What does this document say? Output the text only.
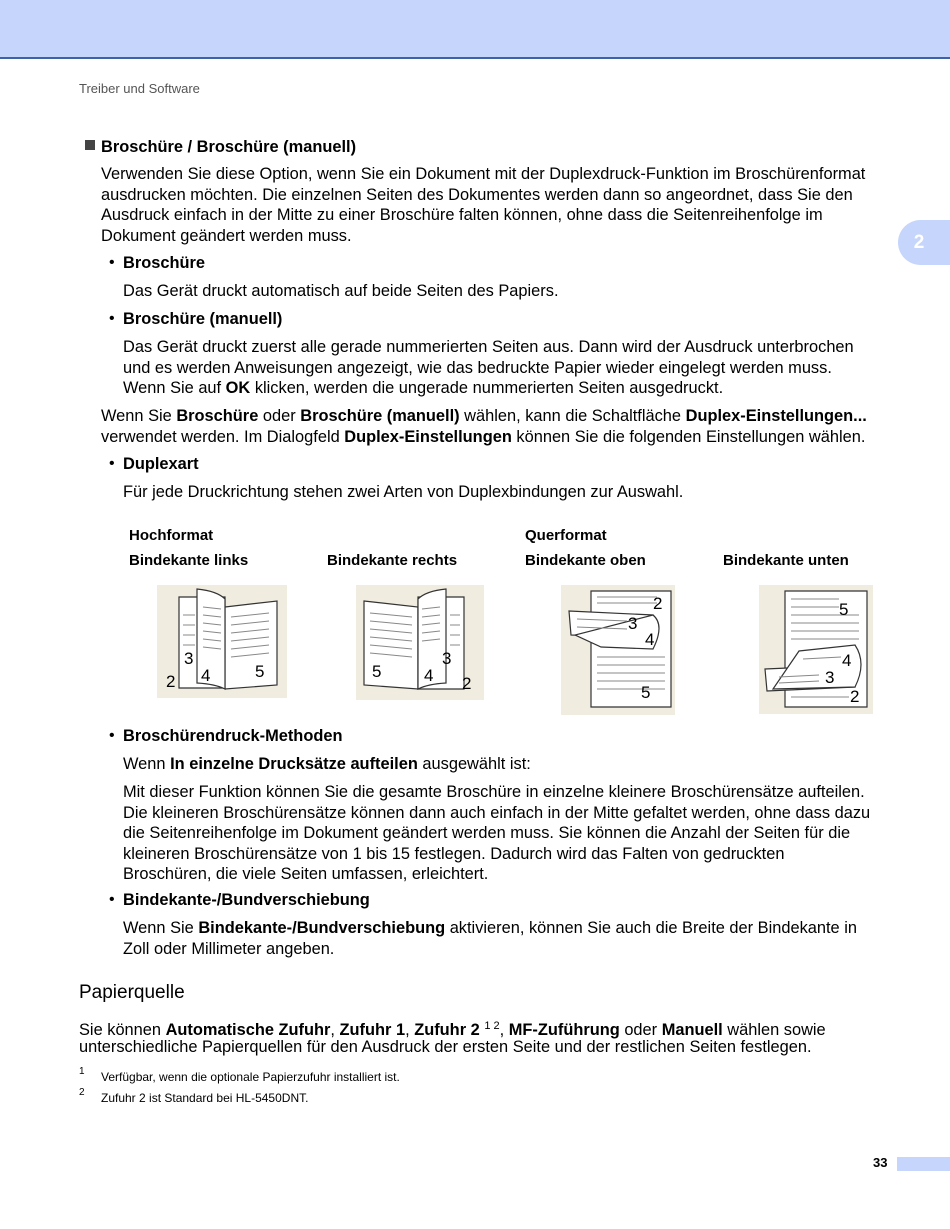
Treiber und Software
2
Broschüre / Broschüre (manuell)
Verwenden Sie diese Option, wenn Sie ein Dokument mit der Duplexdruck-Funktion im Broschürenformat
ausdrucken möchten. Die einzelnen Seiten des Dokumentes werden dann so angeordnet, dass Sie den
Ausdruck einfach in der Mitte zu einer Broschüre falten können, ohne dass die Seitenreihenfolge im
Dokument geändert werden muss.
• Broschüre
Das Gerät druckt automatisch auf beide Seiten des Papiers.
• Broschüre (manuell)
Das Gerät druckt zuerst alle gerade nummerierten Seiten aus. Dann wird der Ausdruck unterbrochen
und es werden Anweisungen angezeigt, wie das bedruckte Papier wieder eingelegt werden muss.
Wenn Sie auf OK klicken, werden die ungerade nummerierten Seiten ausgedruckt.
Wenn Sie Broschüre oder Broschüre (manuell) wählen, kann die Schaltfläche Duplex-Einstellungen...
verwendet werden. Im Dialogfeld Duplex-Einstellungen können Sie die folgenden Einstellungen wählen.
• Duplexart
Für jede Druckrichtung stehen zwei Arten von Duplexbindungen zur Auswahl.
Hochformat	Querformat
Bindekante links	Bindekante rechts	Bindekante oben	Bindekante unten
3
2 4	5	5	4
3
2
2
3
4
5
5
4
3
2
• Broschürendruck-Methoden
Wenn In einzelne Drucksätze aufteilen ausgewählt ist:
Mit dieser Funktion können Sie die gesamte Broschüre in einzelne kleinere Broschürensätze aufteilen.
Die kleineren Broschürensätze können dann auch einfach in der Mitte gefaltet werden, ohne dass dazu
die Seitenreihenfolge im Dokument geändert werden muss. Sie können die Anzahl der Seiten für die
kleineren Broschürensätze von 1 bis 15 festlegen. Dadurch wird das Falten von gedruckten
Broschüren, die viele Seiten umfassen, erleichtert.
• Bindekante-/Bundverschiebung
Wenn Sie Bindekante-/Bundverschiebung aktivieren, können Sie auch die Breite der Bindekante in
Zoll oder Millimeter angeben.
Papierquelle
Sie können Automatische Zufuhr, Zufuhr 1, Zufuhr 2 $^{1 2}$, MF-Zuführung oder Manuell wählen sowie
unterschiedliche Papierquellen für den Ausdruck der ersten Seite und der restlichen Seiten festlegen.
1 Verfügbar, wenn die optionale Papierzufuhr installiert ist.
2 Zufuhr 2 ist Standard bei HL-5450DNT.
33
